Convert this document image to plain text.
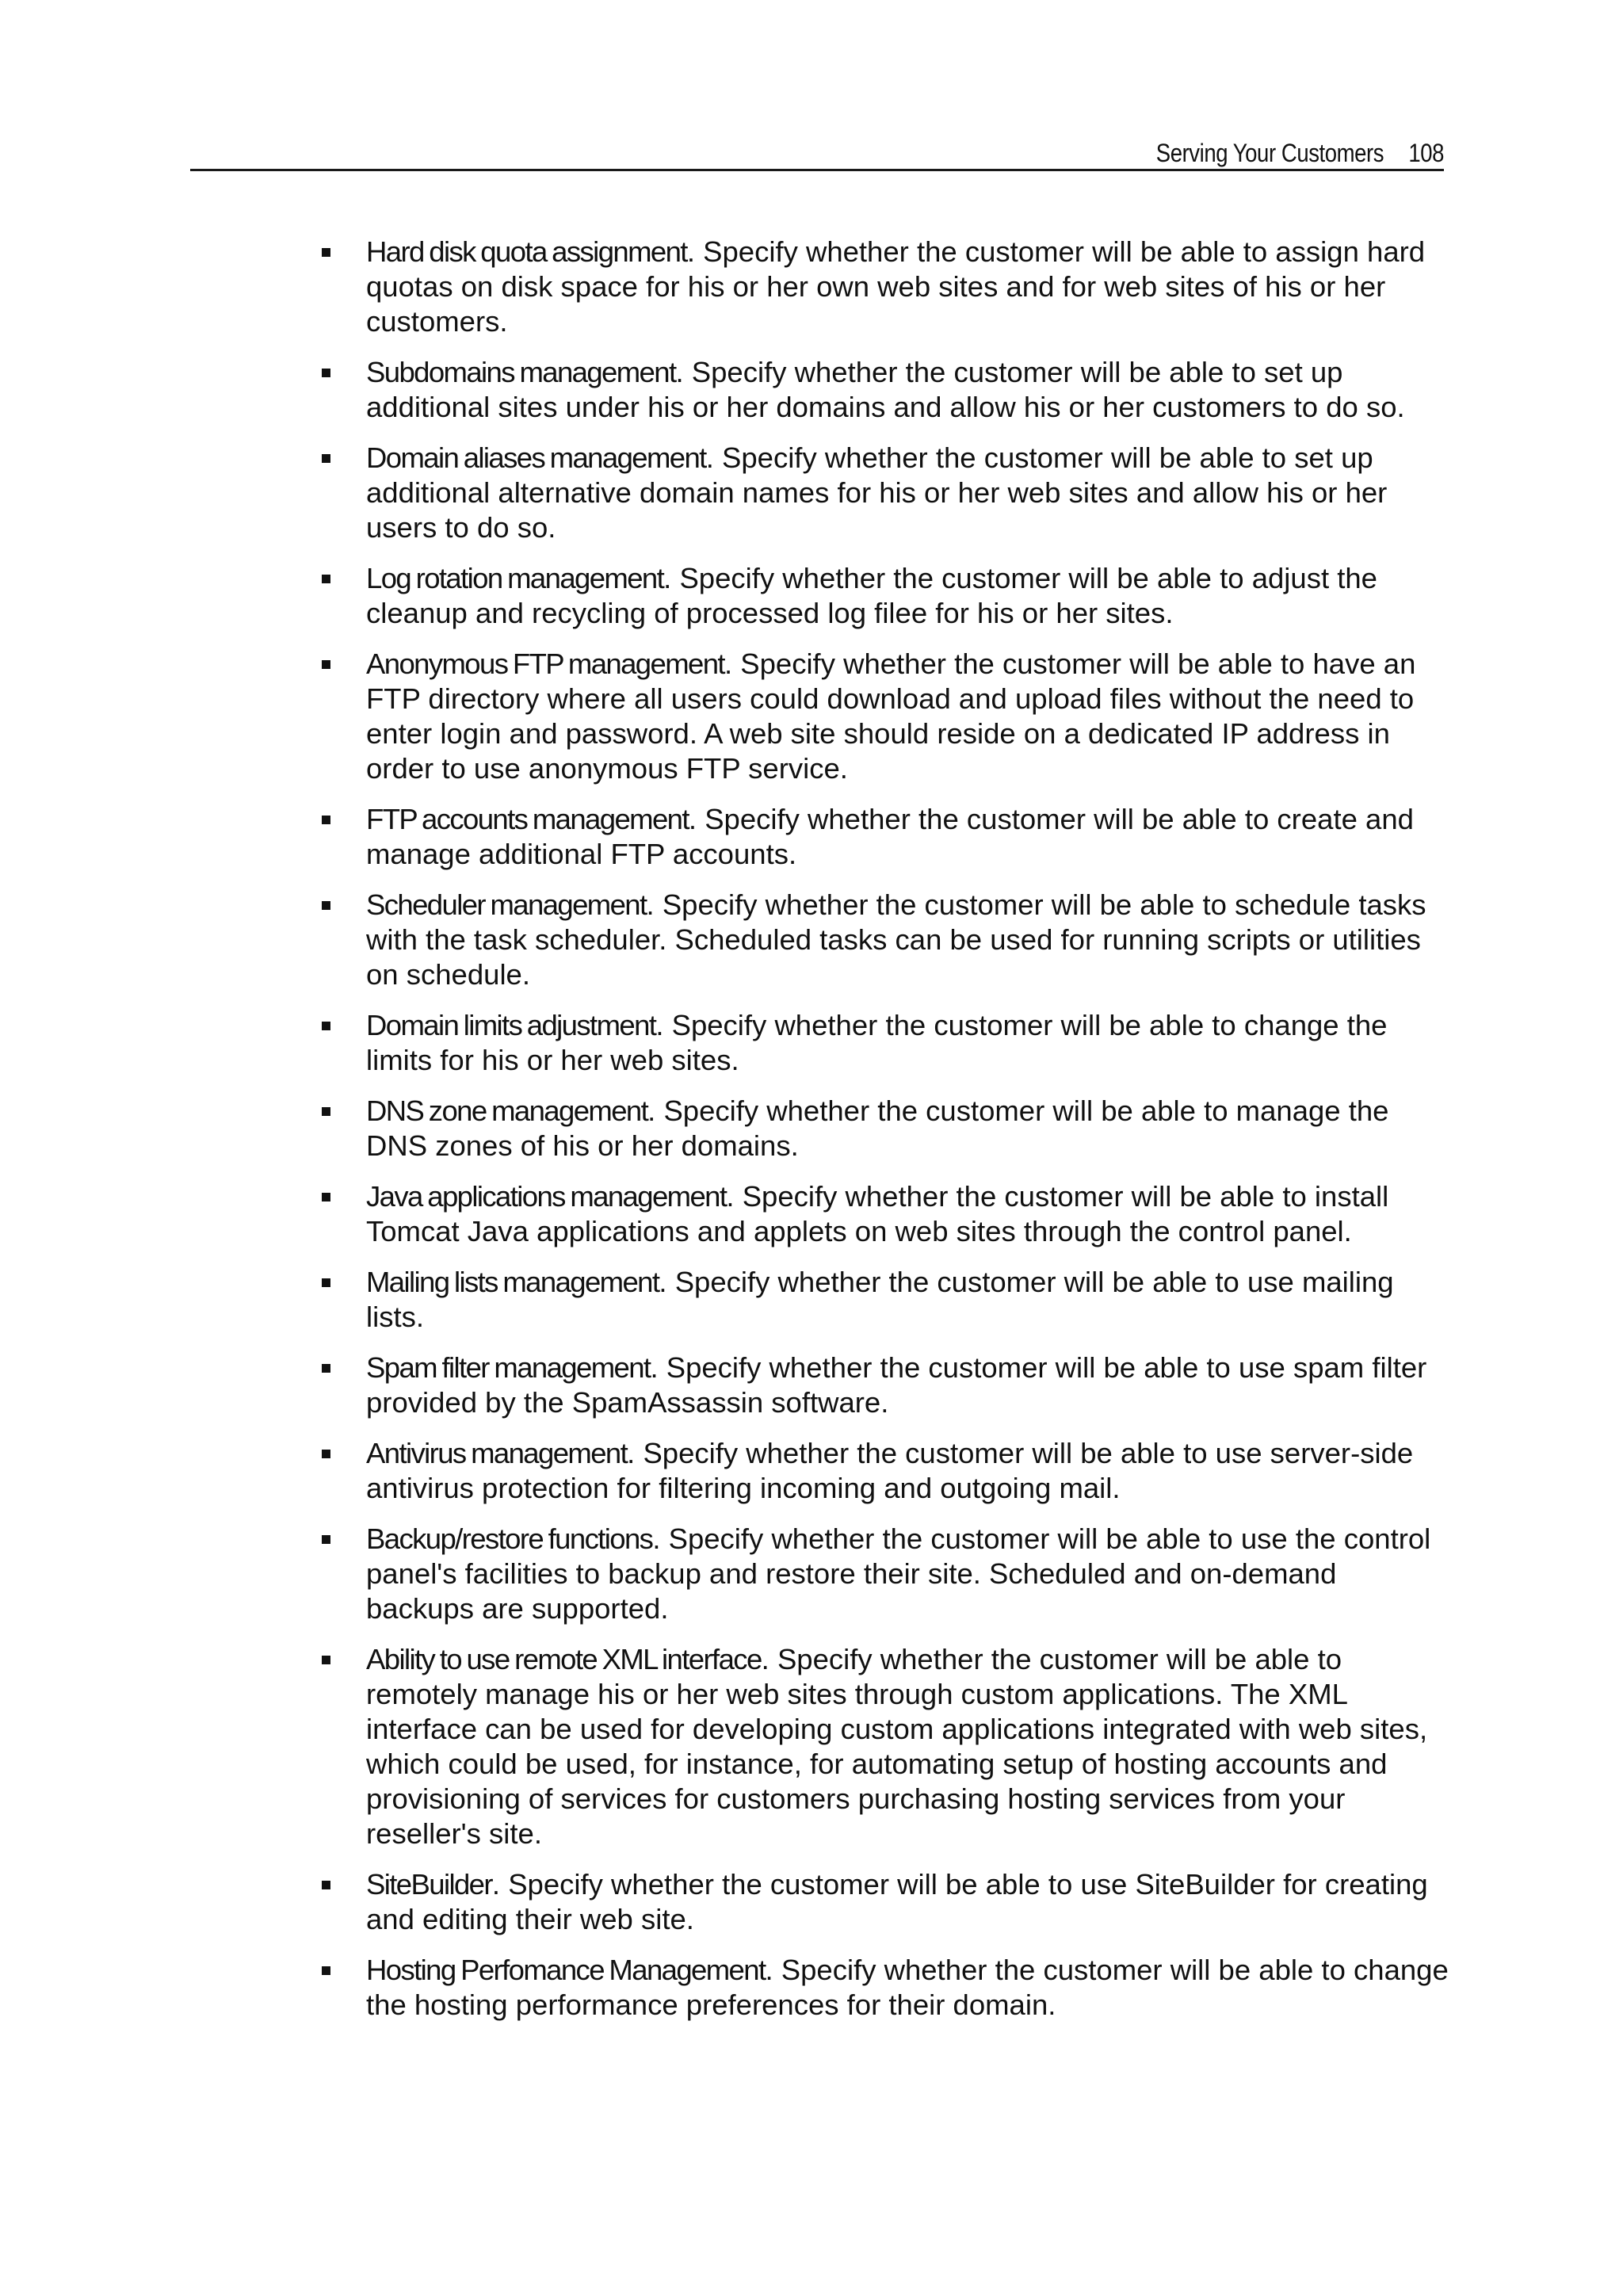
Serving Your Customers 108
Hard disk quota assignment. Specify whether the customer will be able to assign hard quotas on disk space for his or her own web sites and for web sites of his or her customers.
Subdomains management. Specify whether the customer will be able to set up additional sites under his or her domains and allow his or her customers to do so.
Domain aliases management. Specify whether the customer will be able to set up additional alternative domain names for his or her web sites and allow his or her users to do so.
Log rotation management. Specify whether the customer will be able to adjust the cleanup and recycling of processed log filee for his or her sites.
Anonymous FTP management. Specify whether the customer will be able to have an FTP directory where all users could download and upload files without the need to enter login and password. A web site should reside on a dedicated IP address in order to use anonymous FTP service.
FTP accounts management. Specify whether the customer will be able to create and manage additional FTP accounts.
Scheduler management. Specify whether the customer will be able to schedule tasks with the task scheduler. Scheduled tasks can be used for running scripts or utilities on schedule.
Domain limits adjustment. Specify whether the customer will be able to change the limits for his or her web sites.
DNS zone management. Specify whether the customer will be able to manage the DNS zones of his or her domains.
Java applications management. Specify whether the customer will be able to install Tomcat Java applications and applets on web sites through the control panel.
Mailing lists management. Specify whether the customer will be able to use mailing lists.
Spam filter management. Specify whether the customer will be able to use spam filter provided by the SpamAssassin software.
Antivirus management. Specify whether the customer will be able to use server-side antivirus protection for filtering incoming and outgoing mail.
Backup/restore functions. Specify whether the customer will be able to use the control panel's facilities to backup and restore their site. Scheduled and on-demand backups are supported.
Ability to use remote XML interface. Specify whether the customer will be able to remotely manage his or her web sites through custom applications. The XML interface can be used for developing custom applications integrated with web sites, which could be used, for instance, for automating setup of hosting accounts and provisioning of services for customers purchasing hosting services from your reseller's site.
SiteBuilder. Specify whether the customer will be able to use SiteBuilder for creating and editing their web site.
Hosting Perfomance Management. Specify whether the customer will be able to change the hosting performance preferences for their domain.
